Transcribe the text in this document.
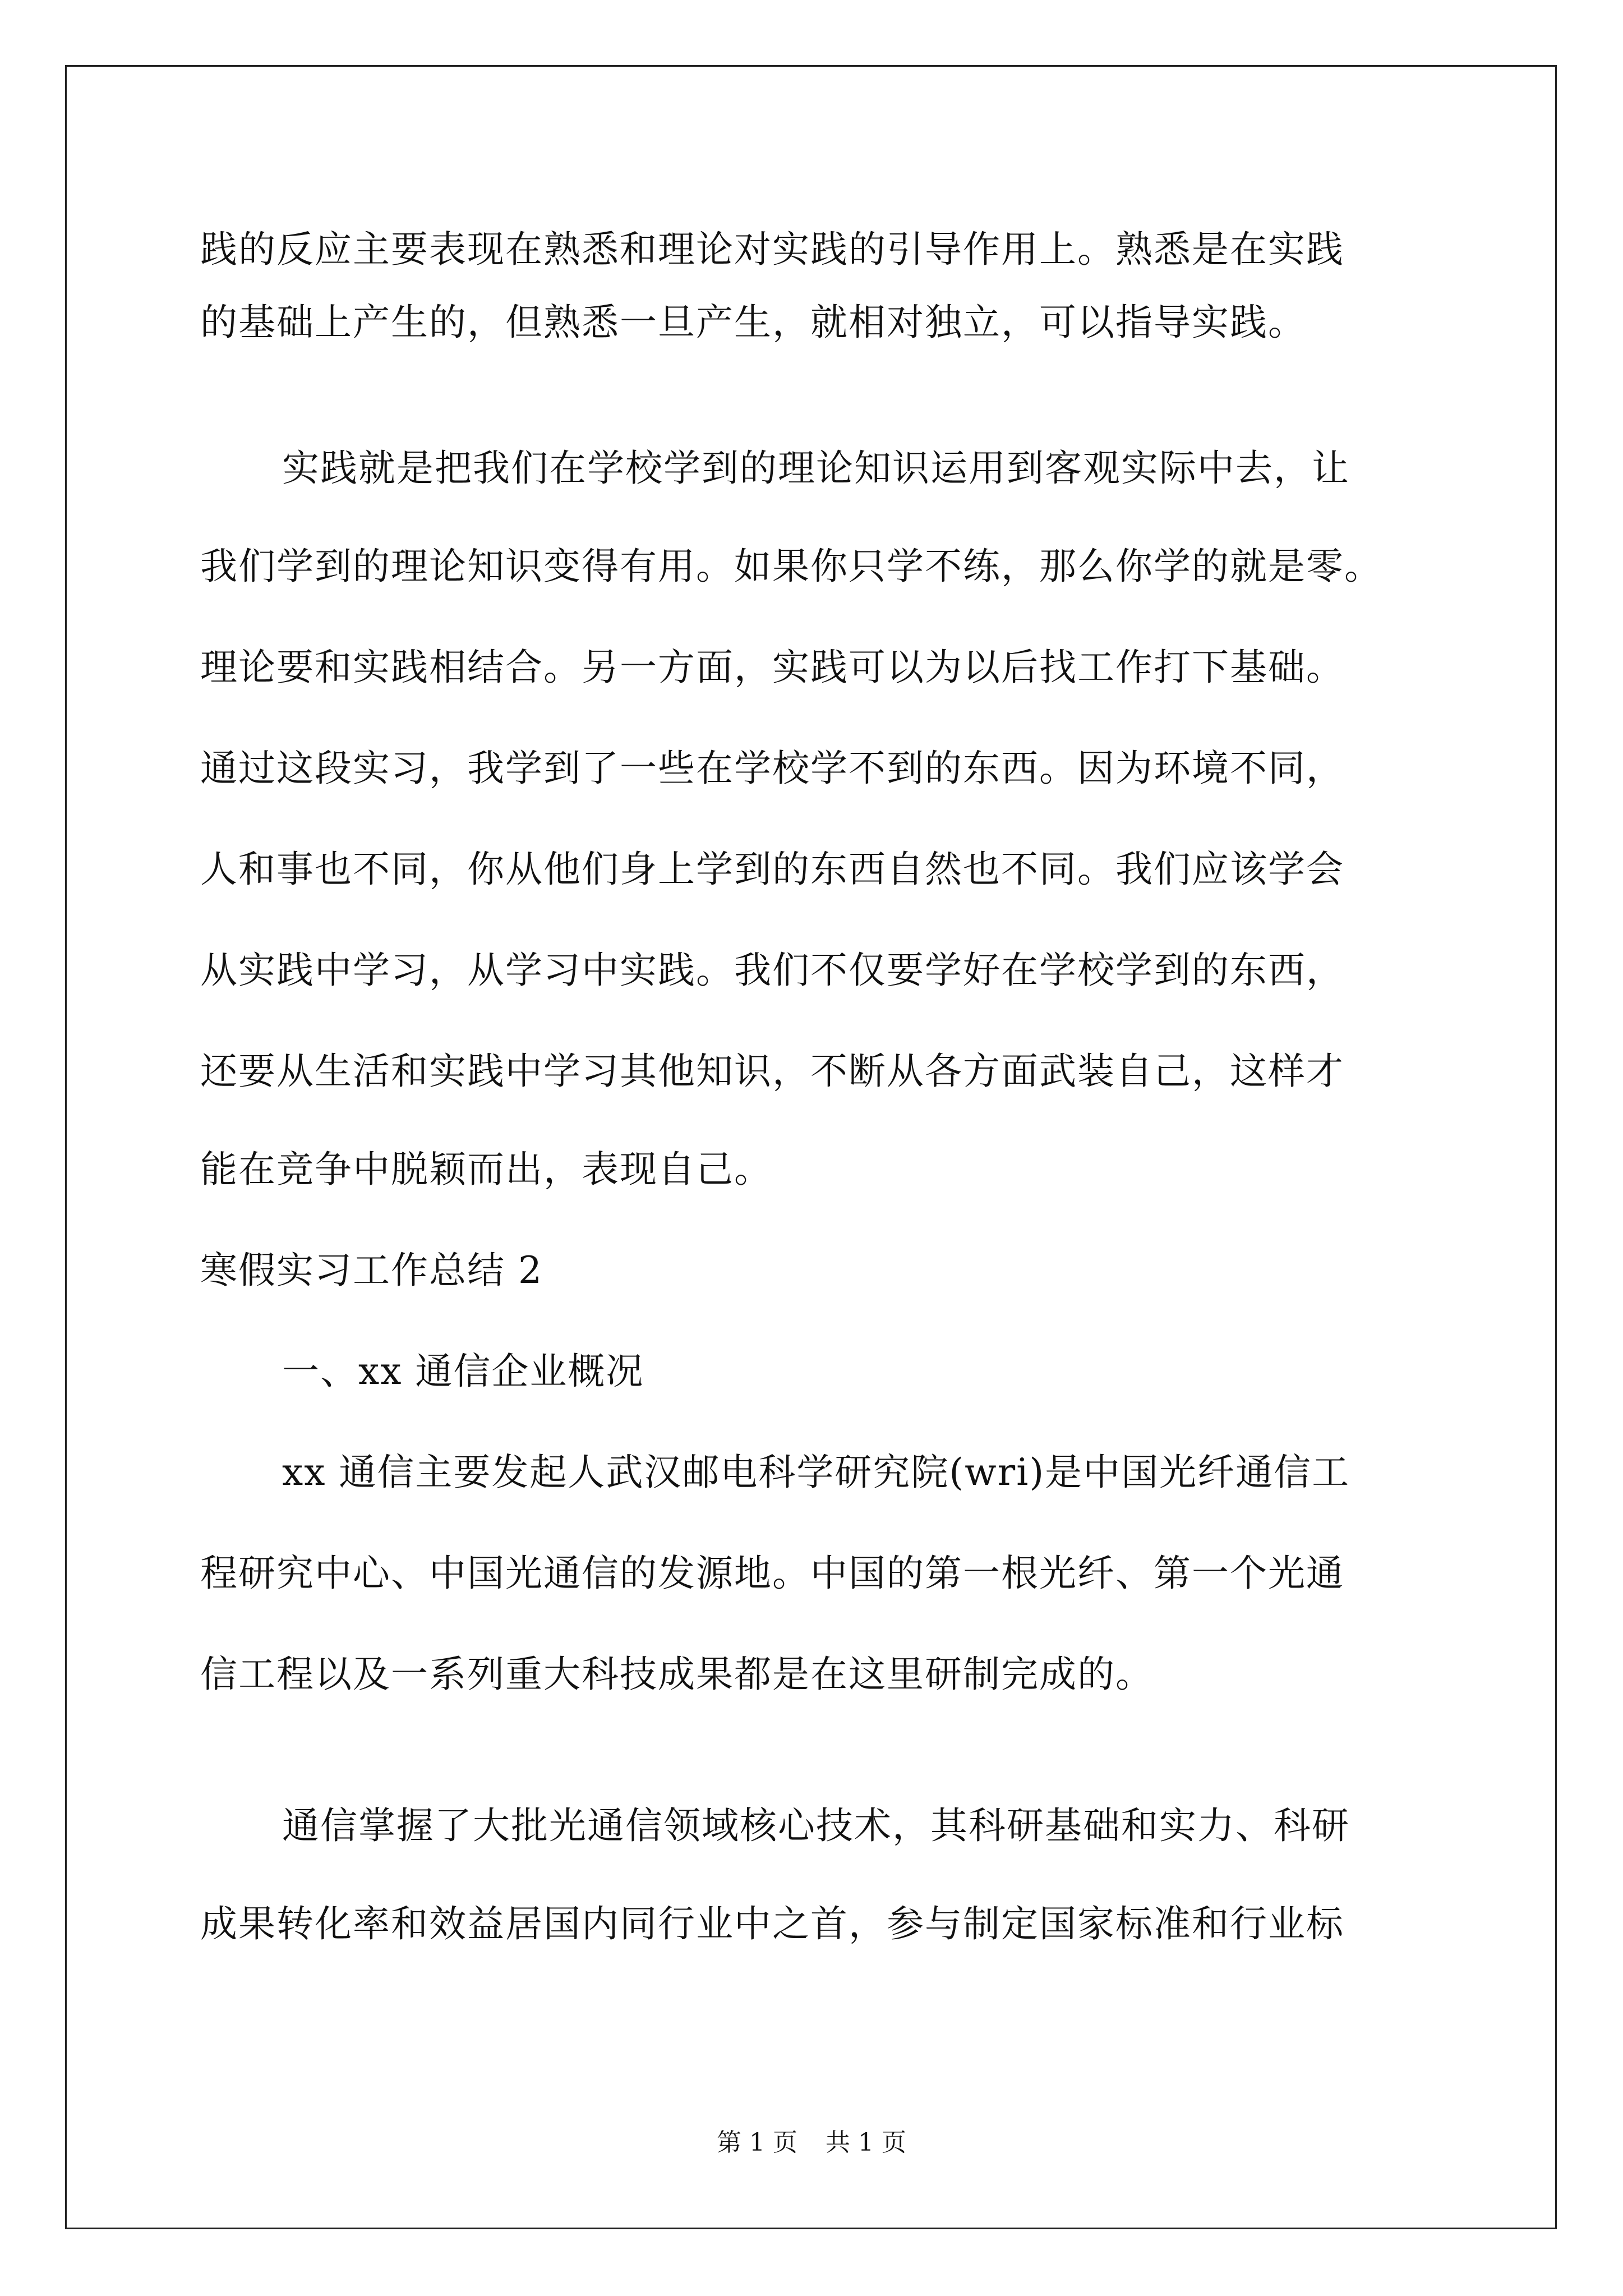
践的反应主要表现在熟悉和理论对实践的引导作用上。熟悉是在实践
的基础上产生的，但熟悉一旦产生，就相对独立，可以指导实践。
实践就是把我们在学校学到的理论知识运用到客观实际中去，让
我们学到的理论知识变得有用。如果你只学不练，那么你学的就是零。
理论要和实践相结合。另一方面，实践可以为以后找工作打下基础。
通过这段实习，我学到了一些在学校学不到的东西。因为环境不同，
人和事也不同，你从他们身上学到的东西自然也不同。我们应该学会
从实践中学习，从学习中实践。我们不仅要学好在学校学到的东西，
还要从生活和实践中学习其他知识，不断从各方面武装自己，这样才
能在竞争中脱颖而出，表现自己。
寒假实习工作总结 2
一、xx 通信企业概况
xx 通信主要发起人武汉邮电科学研究院(wri)是中国光纤通信工
程研究中心、中国光通信的发源地。中国的第一根光纤、第一个光通
信工程以及一系列重大科技成果都是在这里研制完成的。
通信掌握了大批光通信领域核心技术，其科研基础和实力、科研
成果转化率和效益居国内同行业中之首，参与制定国家标准和行业标
第 1 页 共 1 页
